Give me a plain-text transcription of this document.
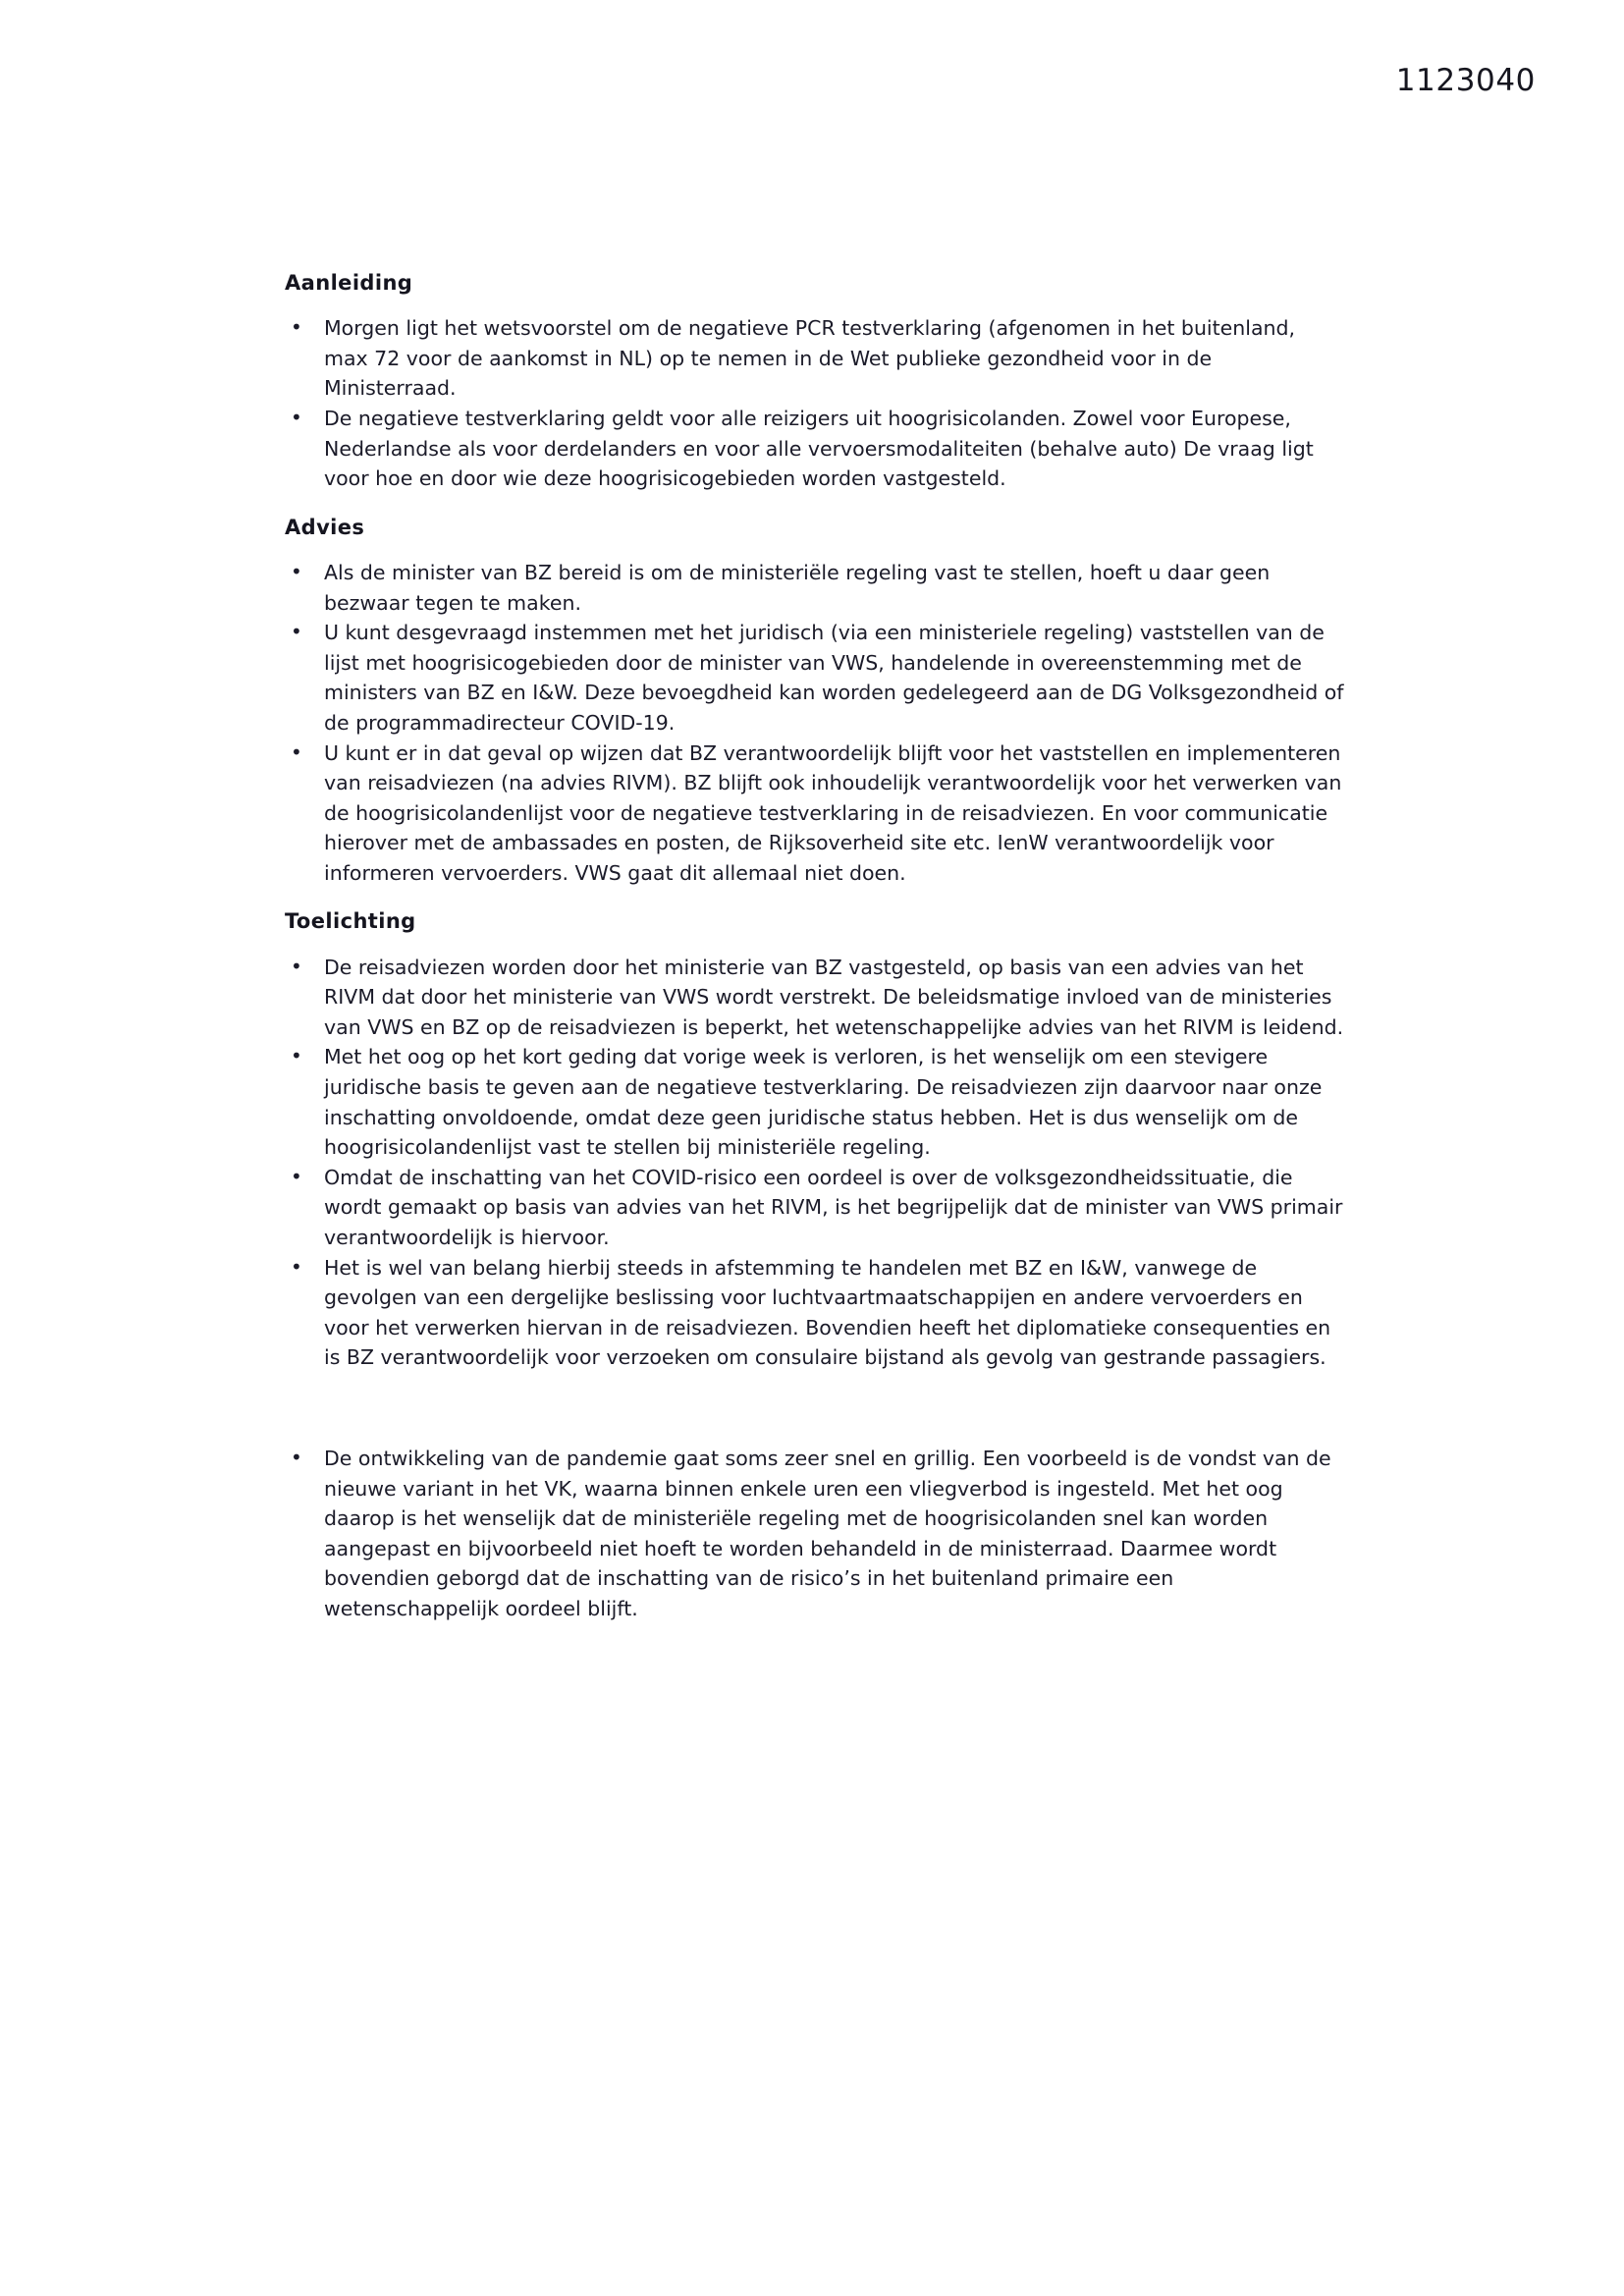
1123040
Aanleiding
• Morgen ligt het wetsvoorstel om de negatieve PCR testverklaring (afgenomen in het buitenland, max 72 voor de aankomst in NL) op te nemen in de Wet publieke gezondheid voor in de Ministerraad.
• De negatieve testverklaring geldt voor alle reizigers uit hoogrisicolanden. Zowel voor Europese, Nederlandse als voor derdelanders en voor alle vervoersmodaliteiten (behalve auto) De vraag ligt voor hoe en door wie deze hoogrisicogebieden worden vastgesteld.
Advies
• Als de minister van BZ bereid is om de ministeriële regeling vast te stellen, hoeft u daar geen bezwaar tegen te maken.
• U kunt desgevraagd instemmen met het juridisch (via een ministeriele regeling) vaststellen van de lijst met hoogrisicogebieden door de minister van VWS, handelende in overeenstemming met de ministers van BZ en I&W. Deze bevoegdheid kan worden gedelegeerd aan de DG Volksgezondheid of de programmadirecteur COVID-19.
• U kunt er in dat geval op wijzen dat BZ verantwoordelijk blijft voor het vaststellen en implementeren van reisadviezen (na advies RIVM). BZ blijft ook inhoudelijk verantwoordelijk voor het verwerken van de hoogrisicolandenlijst voor de negatieve testverklaring in de reisadviezen. En voor communicatie hierover met de ambassades en posten, de Rijksoverheid site etc. IenW verantwoordelijk voor informeren vervoerders. VWS gaat dit allemaal niet doen.
Toelichting
• De reisadviezen worden door het ministerie van BZ vastgesteld, op basis van een advies van het RIVM dat door het ministerie van VWS wordt verstrekt. De beleidsmatige invloed van de ministeries van VWS en BZ op de reisadviezen is beperkt, het wetenschappelijke advies van het RIVM is leidend.
• Met het oog op het kort geding dat vorige week is verloren, is het wenselijk om een stevigere juridische basis te geven aan de negatieve testverklaring. De reisadviezen zijn daarvoor naar onze inschatting onvoldoende, omdat deze geen juridische status hebben. Het is dus wenselijk om de hoogrisicolandenlijst vast te stellen bij ministeriële regeling.
• Omdat de inschatting van het COVID-risico een oordeel is over de volksgezondheidssituatie, die wordt gemaakt op basis van advies van het RIVM, is het begrijpelijk dat de minister van VWS primair verantwoordelijk is hiervoor.
• Het is wel van belang hierbij steeds in afstemming te handelen met BZ en I&W, vanwege de gevolgen van een dergelijke beslissing voor luchtvaartmaatschappijen en andere vervoerders en voor het verwerken hiervan in de reisadviezen. Bovendien heeft het diplomatieke consequenties en is BZ verantwoordelijk voor verzoeken om consulaire bijstand als gevolg van gestrande passagiers.
• De ontwikkeling van de pandemie gaat soms zeer snel en grillig. Een voorbeeld is de vondst van de nieuwe variant in het VK, waarna binnen enkele uren een vliegverbod is ingesteld. Met het oog daarop is het wenselijk dat de ministeriële regeling met de hoogrisicolanden snel kan worden aangepast en bijvoorbeeld niet hoeft te worden behandeld in de ministerraad. Daarmee wordt bovendien geborgd dat de inschatting van de risico’s in het buitenland primaire een wetenschappelijk oordeel blijft.
